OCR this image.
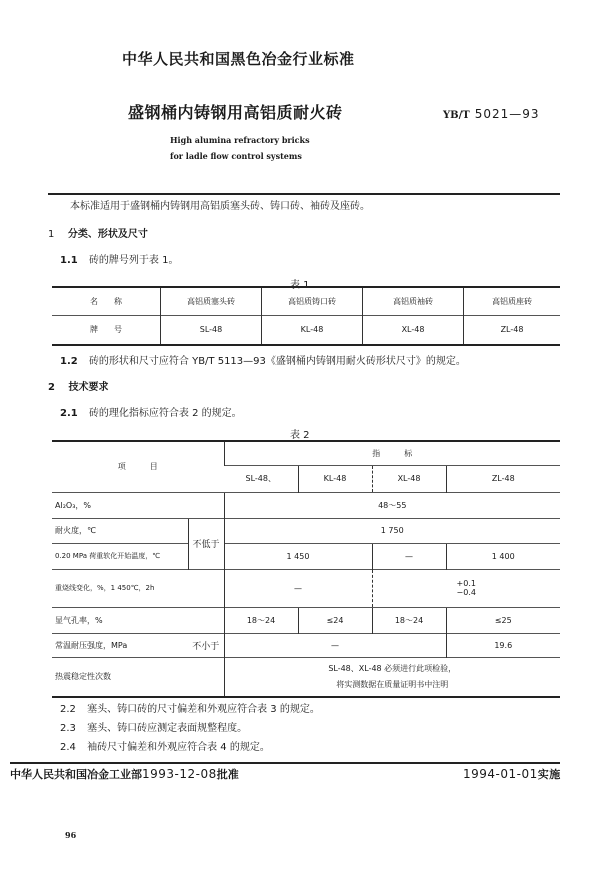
中华人民共和国黑色冶金行业标准
盛钢桶内铸钢用高铝质耐火砖	YB/T 5021—93
High alumina refractory bricks
for ladle flow control systems
本标准适用于盛钢桶内铸钢用高铝质塞头砖、铸口砖、袖砖及座砖。
1 分类、形状及尺寸
1.1 砖的牌号列于表 1。
表 1
名　　称	高铝质塞头砖	高铝质铸口砖	高铝质袖砖	高铝质座砖
牌　　号	SL-48	KL-48	XL-48	ZL-48
1.2 砖的形状和尺寸应符合 YB/T 5113—93《盛钢桶内铸钢用耐火砖形状尺寸》的规定。
2 技术要求
2.1 砖的理化指标应符合表 2 的规定。
表 2
项　　　目		指　　　标			
		SL-48、	KL-48	XL-48	ZL-48
Al₂O₃，%		48～55			
耐火度，℃	不低于	1 750			
0.20 MPa 荷重软化开始温度，℃		1 450		—	1 400
重烧线变化，%，1 450℃，2h		—		+0.1
−0.4	

显气孔率，%		18～24	≤24	18～24	≤25
常温耐压强度，MPa	不小于	—			19.6
热震稳定性次数		SL-48、XL-48 必须进行此项检验，
将实测数据在质量证明书中注明			
2.2 塞头、铸口砖的尺寸偏差和外观应符合表 3 的规定。
2.3 塞头、铸口砖应测定表面规整程度。
2.4 袖砖尺寸偏差和外观应符合表 4 的规定。
中华人民共和国冶金工业部1993-12-08批准	1994-01-01实施
96
